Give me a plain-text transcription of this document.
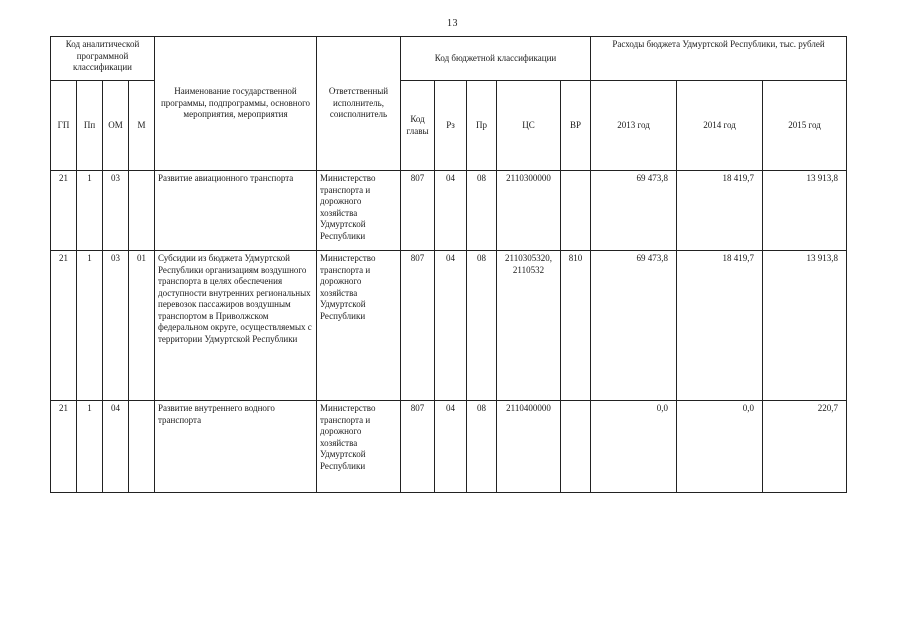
13
Код аналитической программной классификации				Наименование государственной программы, подпрограммы, основного мероприятия, мероприятия	Ответственный исполнитель, соисполнитель	Код бюджетной классификации					Расходы бюджета Удмуртской Республики, тыс. рублей		
ГП	Пп	ОМ	М			Код главы	Рз	Пр	ЦС	ВР	2013 год	2014 год	2015 год
21	1	03		Развитие авиационного транспорта	Министерство транспорта и дорожного хозяйства Удмуртской Республики	807	04	08	2110300000		69 473,8	18 419,7	13 913,8
21	1	03	01	Субсидии из бюджета Удмуртской Республики организациям воздушного транспорта в целях обеспечения доступности внутренних региональных перевозок пассажиров воздушным транспортом в Приволжском федеральном округе, осуществляемых с территории Удмуртской Республики	Министерство транспорта и дорожного хозяйства Удмуртской Республики	807	04	08	2110305320, 2110532	810	69 473,8	18 419,7	13 913,8
21	1	04		Развитие внутреннего водного транспорта	Министерство транспорта и дорожного хозяйства Удмуртской Республики	807	04	08	2110400000		0,0	0,0	220,7
